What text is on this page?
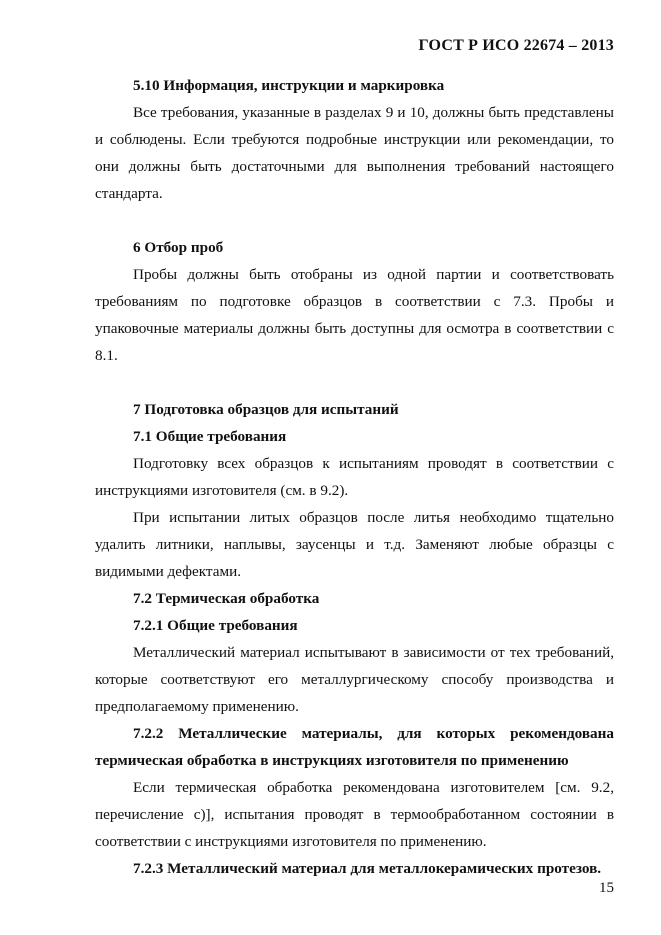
ГОСТ Р ИСО 22674 – 2013

5.10 Информация, инструкции и маркировка

Все требования, указанные в разделах 9 и 10, должны быть представлены и соблюдены. Если требуются подробные инструкции или рекомендации, то они должны быть достаточными для выполнения требований настоящего стандарта.

6 Отбор проб

Пробы должны быть отобраны из одной партии и соответствовать требованиям по подготовке образцов в соответствии с 7.3. Пробы и упаковочные материалы должны быть доступны для осмотра в соответствии с 8.1.

7 Подготовка образцов для испытаний

7.1 Общие требования

Подготовку всех образцов к испытаниям проводят в соответствии с инструкциями изготовителя (см. в 9.2).

При испытании литых образцов после литья необходимо тщательно удалить литники, наплывы, заусенцы и т.д. Заменяют любые образцы с видимыми дефектами.

7.2 Термическая обработка

7.2.1 Общие требования

Металлический материал испытывают в зависимости от тех требований, которые соответствуют его металлургическому способу производства и предполагаемому применению.

7.2.2 Металлические материалы, для которых рекомендована термическая обработка в инструкциях изготовителя по применению

Если термическая обработка рекомендована изготовителем [см. 9.2, перечисление с)], испытания проводят в термообработанном состоянии в соответствии с инструкциями изготовителя по применению.

7.2.3 Металлический материал для металлокерамических протезов.

15
